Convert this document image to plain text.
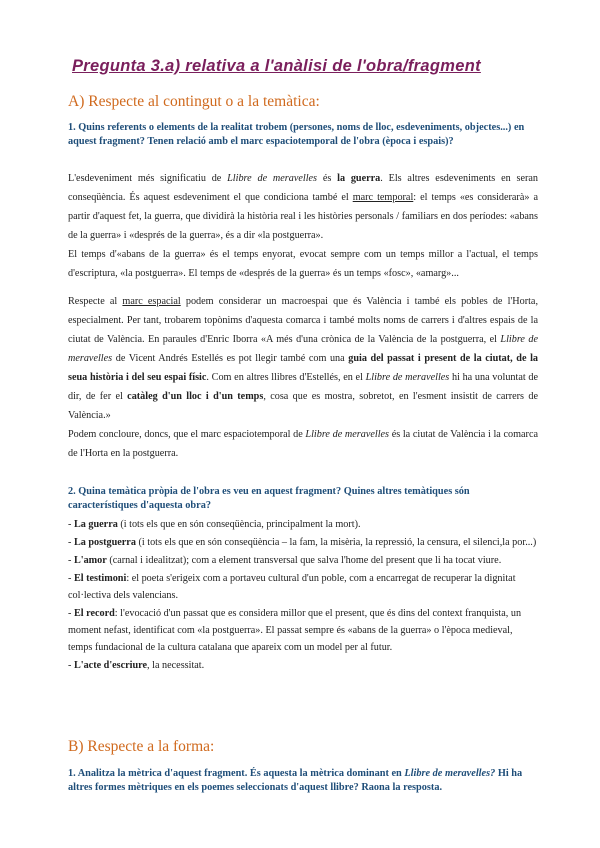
Pregunta 3.a) relativa a l'anàlisi de l'obra/fragment
A) Respecte al contingut o a la temàtica:
1. Quins referents o elements de la realitat trobem (persones, noms de lloc, esdeveniments, objectes...) en aquest fragment? Tenen relació amb el marc espaciotemporal de l'obra (època i espais)?
L'esdeveniment més significatiu de Llibre de meravelles és la guerra. Els altres esdeveniments en seran conseqüència. És aquest esdeveniment el que condiciona també el marc temporal: el temps «es considerarà» a partir d'aquest fet, la guerra, que dividirà la història real i les històries personals / familiars en dos períodes: «abans de la guerra» i «després de la guerra», és a dir «la postguerra».
El temps d'«abans de la guerra» és el temps enyorat, evocat sempre com un temps millor a l'actual, el temps d'escriptura, «la postguerra». El temps de «després de la guerra» és un temps «fosc», «amarg»...
Respecte al marc espacial podem considerar un macroespai que és València i també els pobles de l'Horta, especialment. Per tant, trobarem topònims d'aquesta comarca i també molts noms de carrers i d'altres espais de la ciutat de València. En paraules d'Enric Iborra «A més d'una crònica de la València de la postguerra, el Llibre de meravelles de Vicent Andrés Estellés es pot llegir també com una guia del passat i present de la ciutat, de la seua història i del seu espai físic. Com en altres llibres d'Estellés, en el Llibre de meravelles hi ha una voluntat de dir, de fer el catàleg d'un lloc i d'un temps, cosa que es mostra, sobretot, en l'esment insistit de carrers de València.»
Podem concloure, doncs, que el marc espaciotemporal de Llibre de meravelles és la ciutat de València i la comarca de l'Horta en la postguerra.
2. Quina temàtica pròpia de l'obra es veu en aquest fragment? Quines altres temàtiques són característiques d'aquesta obra?
- La guerra (i tots els que en són conseqüència, principalment la mort).
- La postguerra (i tots els que en són conseqüència – la fam, la misèria, la repressió, la censura, el silenci,la por...)
- L'amor (carnal i idealitzat); com a element transversal que salva l'home del present que li ha tocat viure.
- El testimoni: el poeta s'erigeix com a portaveu cultural d'un poble, com a encarregat de recuperar la dignitat col·lectiva dels valencians.
- El record: l'evocació d'un passat que es considera millor que el present, que és dins del context franquista, un moment nefast, identificat com «la postguerra». El passat sempre és «abans de la guerra» o l'època medieval, temps fundacional de la cultura catalana que apareix com un model per al futur.
- L'acte d'escriure, la necessitat.
B) Respecte a la forma:
1. Analitza la mètrica d'aquest fragment. És aquesta la mètrica dominant en Llibre de meravelles? Hi ha altres formes mètriques en els poemes seleccionats d'aquest llibre? Raona la resposta.
